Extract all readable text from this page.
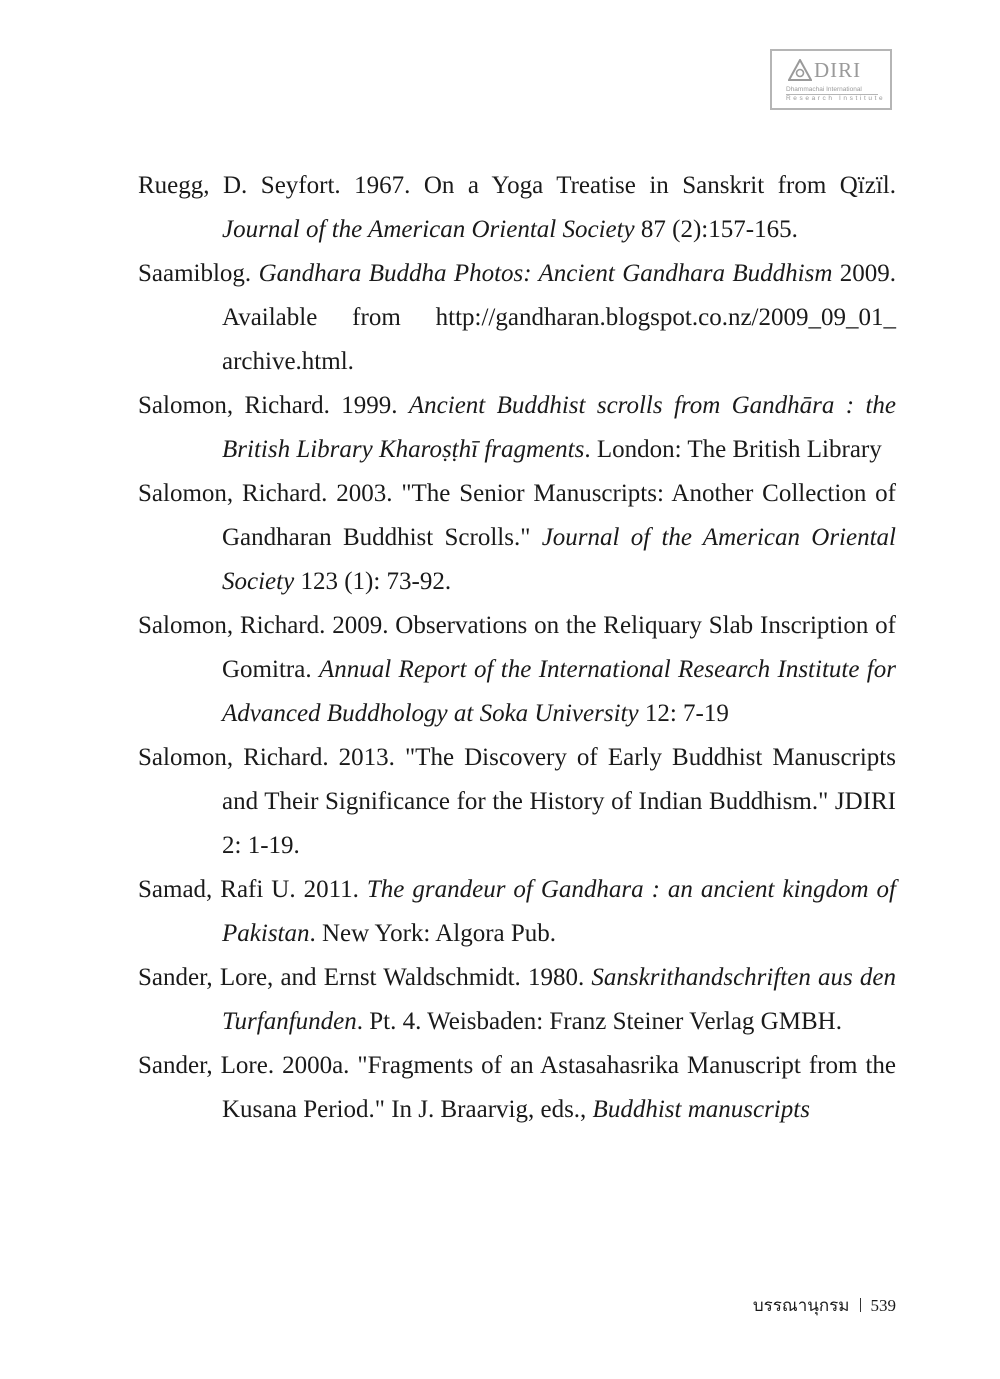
DIRI
Dhammachai International
Research Institute

Ruegg, D. Seyfort. 1967. On a Yoga Treatise in Sanskrit from Qïzïl. Journal of the American Oriental Society 87 (2):157-165.

Saamiblog. Gandhara Buddha Photos: Ancient Gandhara Buddhism 2009. Available from http://gandharan.blogspot.co.nz/2009_09_01_ archive.html.

Salomon, Richard. 1999. Ancient Buddhist scrolls from Gandhāra : the British Library Kharoṣṭhī fragments. London: The British Library

Salomon, Richard. 2003. "The Senior Manuscripts: Another Collection of Gandharan Buddhist Scrolls." Journal of the American Oriental Society 123 (1): 73-92.

Salomon, Richard. 2009. Observations on the Reliquary Slab Inscription of Gomitra. Annual Report of the International Research Institute for Advanced Buddhology at Soka University 12: 7-19

Salomon, Richard. 2013. "The Discovery of Early Buddhist Manuscripts and Their Significance for the History of Indian Buddhism." JDIRI 2: 1-19.

Samad, Rafi U. 2011. The grandeur of Gandhara : an ancient kingdom of Pakistan. New York: Algora Pub.

Sander, Lore, and Ernst Waldschmidt. 1980. Sanskrithandschriften aus den Turfanfunden. Pt. 4. Weisbaden: Franz Steiner Verlag GMBH.

Sander, Lore. 2000a. "Fragments of an Astasahasrika Manuscript from the Kusana Period." In J. Braarvig, eds., Buddhist manuscripts

บรรณานุกรม 539
